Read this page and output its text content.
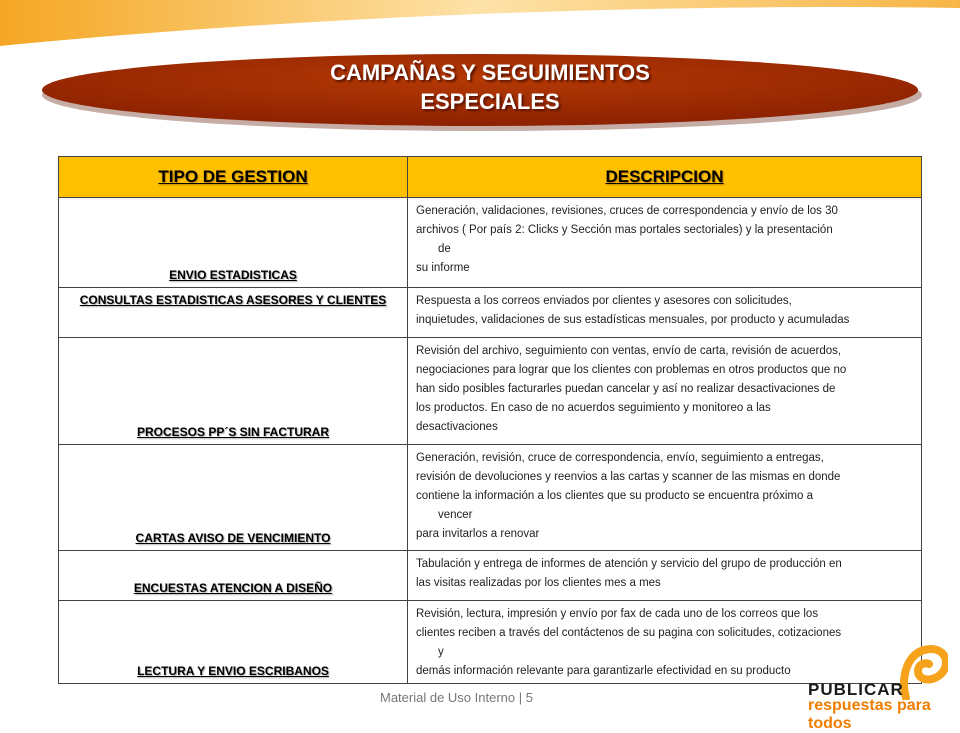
CAMPAÑAS Y SEGUIMIENTOS
ESPECIALES
TIPO DE GESTION	DESCRIPCION
ENVIO ESTADISTICAS	Generación, validaciones, revisiones, cruces de correspondencia y envío de los 30
archivos ( Por país 2: Clicks y Sección mas portales sectoriales) y la presentación
de
su informe

CONSULTAS ESTADISTICAS ASESORES Y CLIENTES	Respuesta a los correos enviados por clientes y asesores con solicitudes,
inquietudes, validaciones de sus estadísticas mensuales, por producto y acumuladas

PROCESOS PP´S SIN FACTURAR	Revisión del archivo, seguimiento con ventas, envío de carta, revisión de acuerdos,
negociaciones para lograr que los clientes con problemas en otros productos que no
han sido posibles facturarles puedan cancelar y así no realizar desactivaciones de
los productos. En caso de no acuerdos seguimiento y monitoreo a las
desactivaciones

CARTAS AVISO DE VENCIMIENTO	Generación, revisión, cruce de correspondencia, envío, seguimiento a entregas,
revisión de devoluciones y reenvios a las cartas y scanner de las mismas en donde
contiene la información a los clientes que su producto se encuentra próximo a
vencer
para invitarlos a renovar

ENCUESTAS ATENCION A DISEÑO	Tabulación y entrega de informes de atención y servicio del grupo de producción en
las visitas realizadas por los clientes mes a mes

LECTURA Y ENVIO ESCRIBANOS	Revisión, lectura, impresión y envío por fax de cada uno de los correos que los
clientes reciben a través del contáctenos de su pagina con solicitudes, cotizaciones
y
demás información relevante para garantizarle efectividad en su producto
Material de Uso Interno | 5	PUBLICAR
respuestas para todos
